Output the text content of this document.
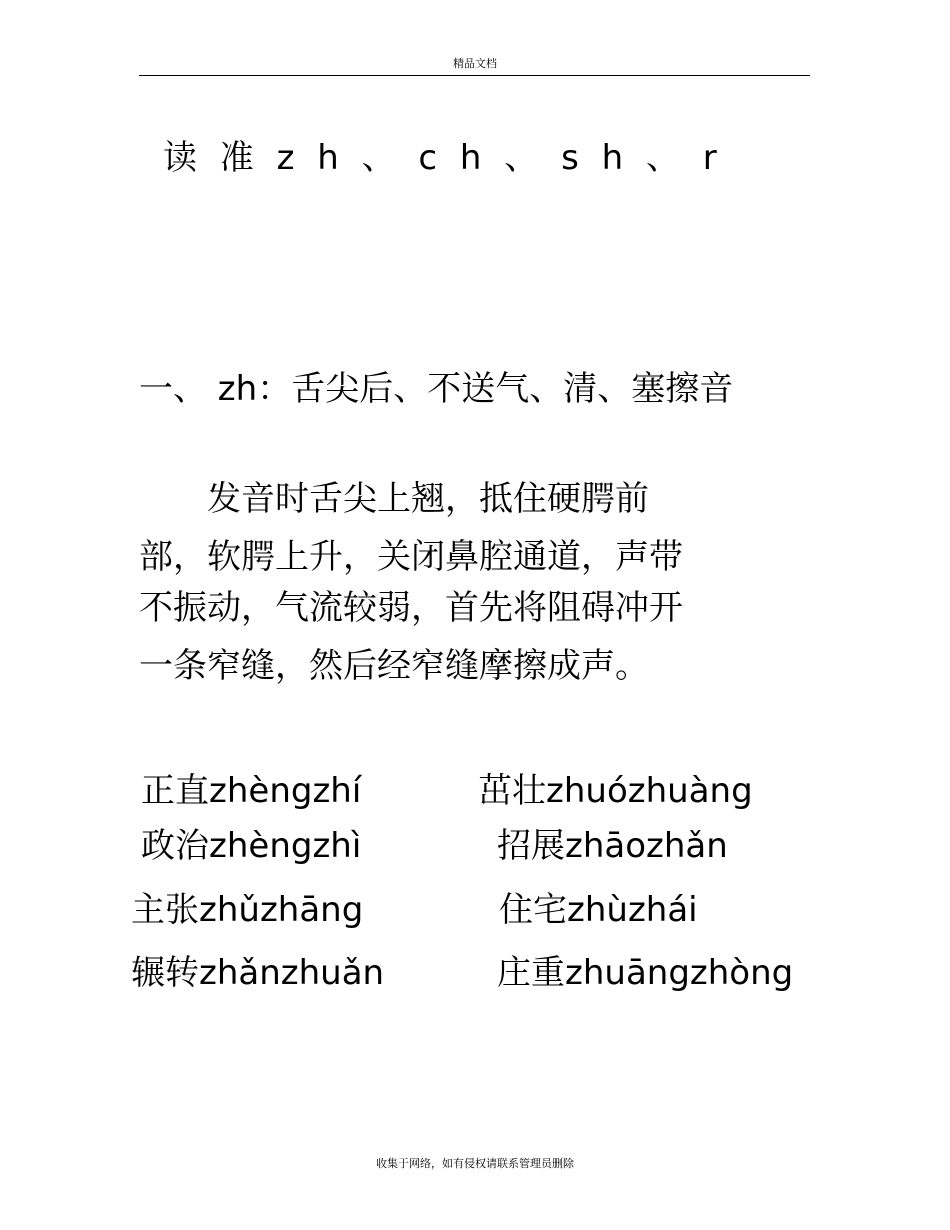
精品文档
读 准 z h 、 c h 、 s h 、 r
一、 zh：舌尖后、不送气、清、塞擦音
　　发音时舌尖上翘，抵住硬腭前
部，软腭上升，关闭鼻腔通道，声带
不振动，气流较弱，首先将阻碍冲开
一条窄缝，然后经窄缝摩擦成声。
正直zhèngzhí	茁壮zhuózhuàng
政治zhèngzhì	招展zhāozhǎn
主张zhǔzhāng	住宅zhùzhái
辗转zhǎnzhuǎn	庄重zhuāngzhòng
收集于网络，如有侵权请联系管理员删除
